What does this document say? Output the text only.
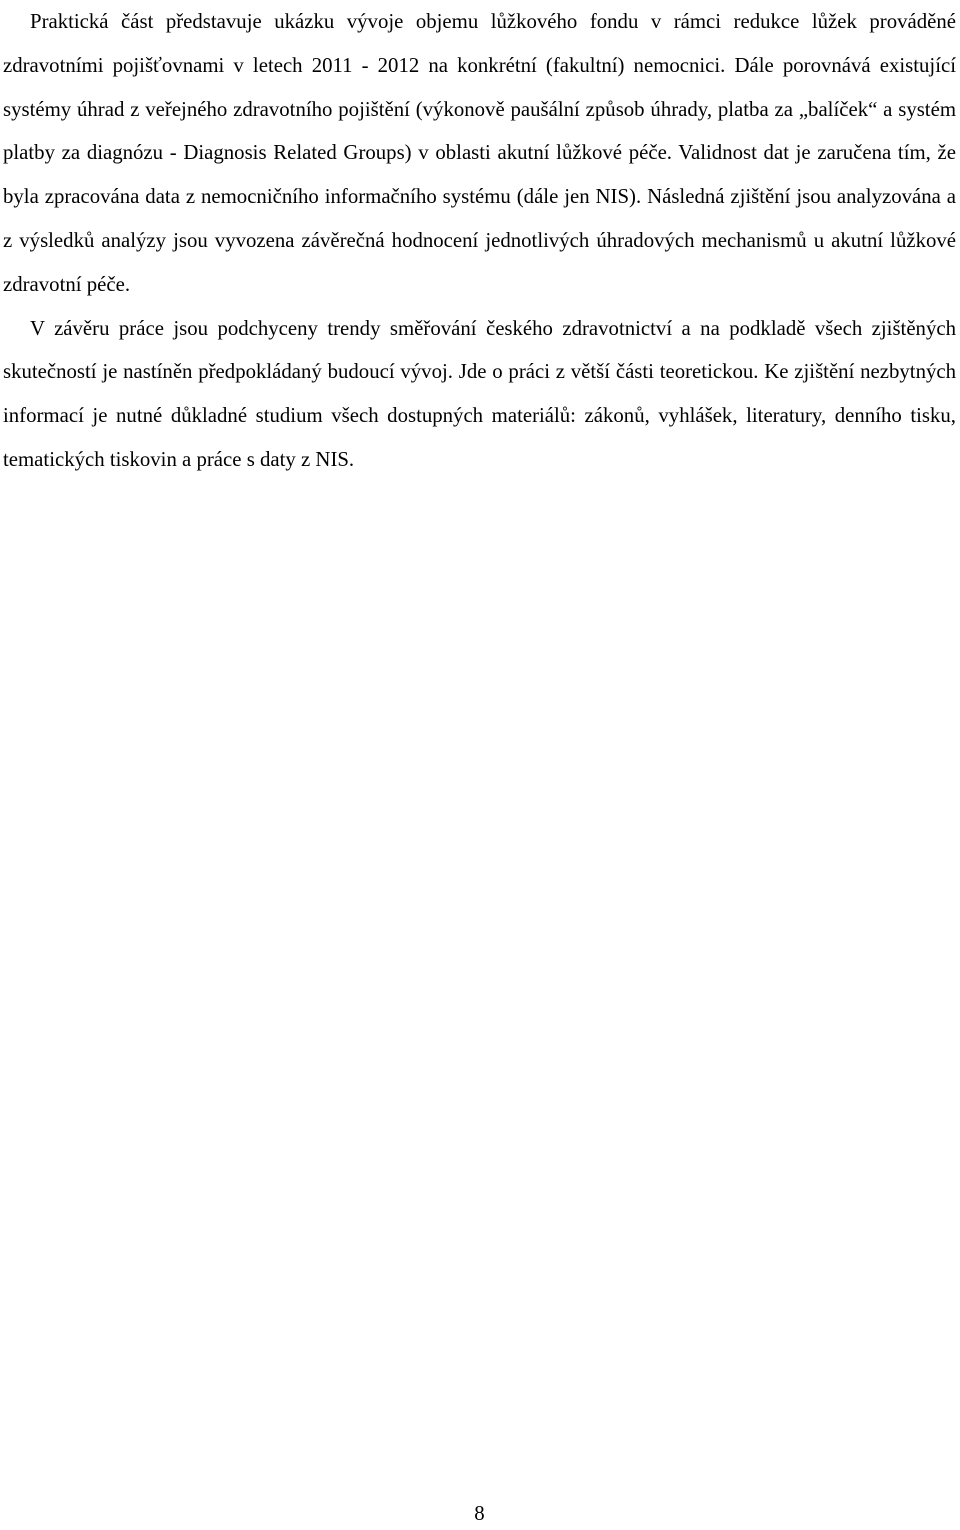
Praktická část představuje ukázku vývoje objemu lůžkového fondu v rámci redukce lůžek prováděné zdravotními pojišťovnami v letech 2011 - 2012 na konkrétní (fakultní) nemocnici. Dále porovnává existující systémy úhrad z veřejného zdravotního pojištění (výkonově paušální způsob úhrady, platba za „balíček“ a systém platby za diagnózu - Diagnosis Related Groups) v oblasti akutní lůžkové péče. Validnost dat je zaručena tím, že byla zpracována data z nemocničního informačního systému (dále jen NIS). Následná zjištění jsou analyzována a z výsledků analýzy jsou vyvozena závěrečná hodnocení jednotlivých úhradových mechanismů u akutní lůžkové zdravotní péče.

V závěru práce jsou podchyceny trendy směřování českého zdravotnictví a na podkladě všech zjištěných skutečností je nastíněn předpokládaný budoucí vývoj. Jde o práci z větší části teoretickou. Ke zjištění nezbytných informací je nutné důkladné studium všech dostupných materiálů: zákonů, vyhlášek, literatury, denního tisku, tematických tiskovin a práce s daty z NIS.

8
